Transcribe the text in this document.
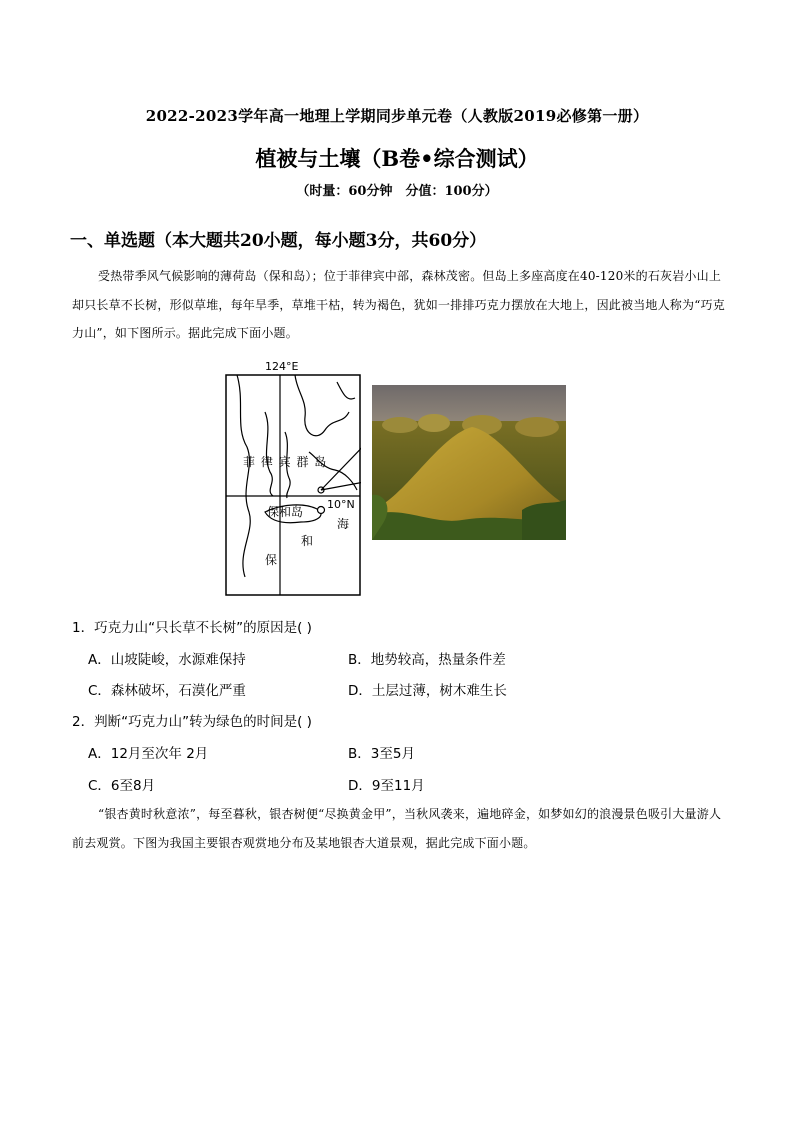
2022-2023学年高一地理上学期同步单元卷（人教版2019必修第一册）
植被与土壤（B卷•综合测试）
（时量：60分钟　分值：100分）
一、单选题（本大题共20小题，每小题3分，共60分）
受热带季风气候影响的薄荷岛（保和岛）；位于菲律宾中部，森林茂密。但岛上多座高度在40-120米的石灰岩小山上却只长草不长树，形似草堆，每年旱季，草堆干枯，转为褐色，犹如一排排巧克力摆放在大地上，因此被当地人称为“巧克力山”，如下图所示。据此完成下面小题。
124°E
菲 律 宾 群 岛
10°N
保和岛
海
和
保
1．巧克力山“只长草不长树”的原因是( )
A．山坡陡峻，水源难保持	B．地势较高，热量条件差
C．森林破坏，石漠化严重	D．土层过薄，树木难生长
2．判断“巧克力山”转为绿色的时间是( )
A．12月至次年 2月	B．3至5月
C．6至8月	D．9至11月
“银杏黄时秋意浓”，每至暮秋，银杏树便“尽换黄金甲”，当秋风袭来，遍地碎金，如梦如幻的浪漫景色吸引大量游人前去观赏。下图为我国主要银杏观赏地分布及某地银杏大道景观，据此完成下面小题。
